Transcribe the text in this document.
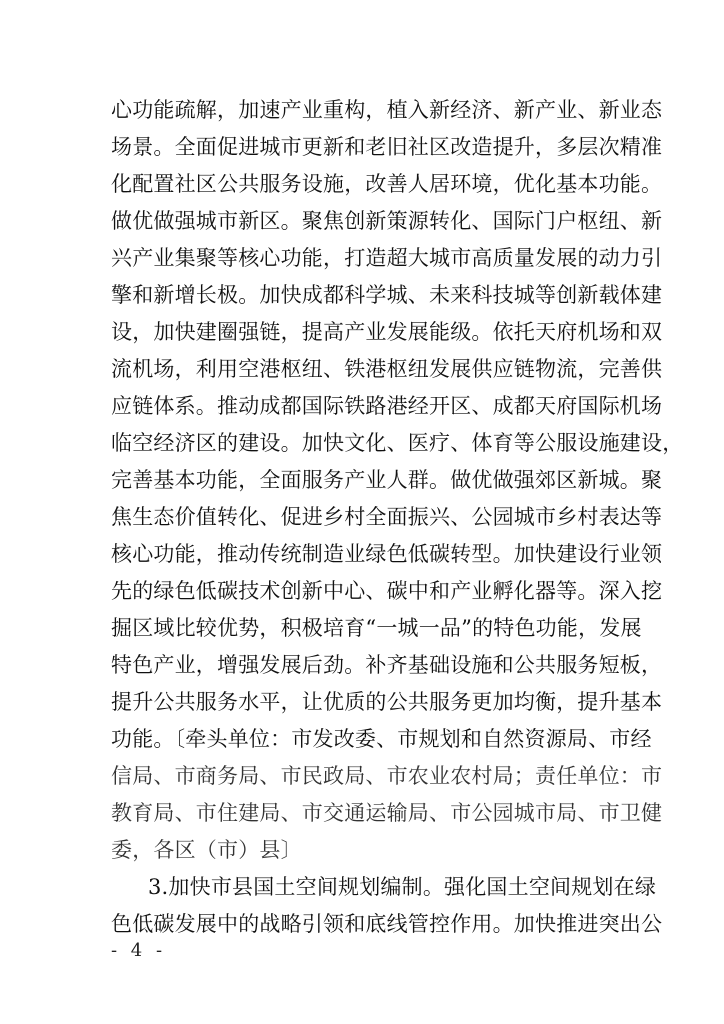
心功能疏解，加速产业重构，植入新经济、新产业、新业态
场景。全面促进城市更新和老旧社区改造提升，多层次精准
化配置社区公共服务设施，改善人居环境，优化基本功能。
做优做强城市新区。聚焦创新策源转化、国际门户枢纽、新
兴产业集聚等核心功能，打造超大城市高质量发展的动力引
擎和新增长极。加快成都科学城、未来科技城等创新载体建
设，加快建圈强链，提高产业发展能级。依托天府机场和双
流机场，利用空港枢纽、铁港枢纽发展供应链物流，完善供
应链体系。推动成都国际铁路港经开区、成都天府国际机场
临空经济区的建设。加快文化、医疗、体育等公服设施建设，
完善基本功能，全面服务产业人群。做优做强郊区新城。聚
焦生态价值转化、促进乡村全面振兴、公园城市乡村表达等
核心功能，推动传统制造业绿色低碳转型。加快建设行业领
先的绿色低碳技术创新中心、碳中和产业孵化器等。深入挖
掘区域比较优势，积极培育“一城一品”的特色功能，发展
特色产业，增强发展后劲。补齐基础设施和公共服务短板，
提升公共服务水平，让优质的公共服务更加均衡，提升基本
功能。〔牵头单位：市发改委、市规划和自然资源局、市经
信局、市商务局、市民政局、市农业农村局；责任单位：市
教育局、市住建局、市交通运输局、市公园城市局、市卫健
委，各区（市）县〕
3.加快市县国土空间规划编制。强化国土空间规划在绿
色低碳发展中的战略引领和底线管控作用。加快推进突出公
- 4 -
